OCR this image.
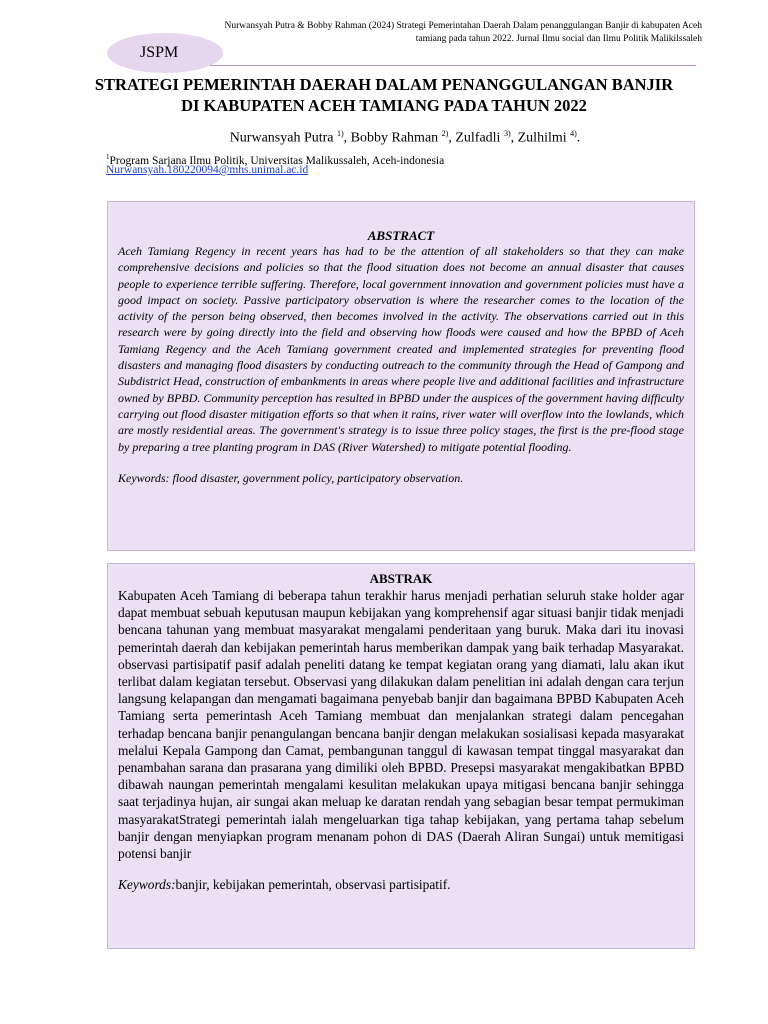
JSPM
Nurwansyah Putra & Bobby Rahman (2024) Strategi Pemerintahan Daerah Dalam penanggulangan Banjir di kabupaten Aceh tamiang pada tahun 2022. Jurnal Ilmu social dan Ilmu Politik Malikilssaleh
STRATEGI PEMERINTAH DAERAH DALAM PENANGGULANGAN BANJIR DI KABUPATEN ACEH TAMIANG PADA TAHUN 2022
Nurwansyah Putra $^{1)}$, Bobby Rahman $^{2)}$, Zulfadli $^{3)}$, Zulhilmi $^{4)}$.
$^1$Program Sarjana Ilmu Politik, Universitas Malikussaleh, Aceh-indonesia
Nurwansyah.180220094@mhs.unimal.ac.id
ABSTRACT
Aceh Tamiang Regency in recent years has had to be the attention of all stakeholders so that they can make comprehensive decisions and policies so that the flood situation does not become an annual disaster that causes people to experience terrible suffering. Therefore, local government innovation and government policies must have a good impact on society. Passive participatory observation is where the researcher comes to the location of the activity of the person being observed, then becomes involved in the activity. The observations carried out in this research were by going directly into the field and observing how floods were caused and how the BPBD of Aceh Tamiang Regency and the Aceh Tamiang government created and implemented strategies for preventing flood disasters and managing flood disasters by conducting outreach to the community through the Head of Gampong and Subdistrict Head, construction of embankments in areas where people live and additional facilities and infrastructure owned by BPBD. Community perception has resulted in BPBD under the auspices of the government having difficulty carrying out flood disaster mitigation efforts so that when it rains, river water will overflow into the lowlands, which are mostly residential areas. The government's strategy is to issue three policy stages, the first is the pre-flood stage by preparing a tree planting program in DAS (River Watershed) to mitigate potential flooding.
Keywords: flood disaster, government policy, participatory observation.
ABSTRAK
Kabupaten Aceh Tamiang di beberapa tahun terakhir harus menjadi perhatian seluruh stake holder agar dapat membuat sebuah keputusan maupun kebijakan yang komprehensif agar situasi banjir tidak menjadi bencana tahunan yang membuat masyarakat mengalami penderitaan yang buruk. Maka dari itu inovasi pemerintah daerah dan kebijakan pemerintah harus memberikan dampak yang baik terhadap Masyarakat. observasi partisipatif pasif adalah peneliti datang ke tempat kegiatan orang yang diamati, lalu akan ikut terlibat dalam kegiatan tersebut. Observasi yang dilakukan dalam penelitian ini adalah dengan cara terjun langsung kelapangan dan mengamati bagaimana penyebab banjir dan bagaimana BPBD Kabupaten Aceh Tamiang serta pemerintash Aceh Tamiang membuat dan menjalankan strategi dalam pencegahan terhadap bencana banjir penangulangan bencana banjir dengan melakukan sosialisasi kepada masyarakat melalui Kepala Gampong dan Camat, pembangunan tanggul di kawasan tempat tinggal masyarakat dan penambahan sarana dan prasarana yang dimiliki oleh BPBD. Presepsi masyarakat mengakibatkan BPBD dibawah naungan pemerintah mengalami kesulitan melakukan upaya mitigasi bencana banjir sehingga saat terjadinya hujan, air sungai akan meluap ke daratan rendah yang sebagian besar tempat permukiman masyarakatStrategi pemerintah ialah mengeluarkan tiga tahap kebijakan, yang pertama tahap sebelum banjir dengan menyiapkan program menanam pohon di DAS (Daerah Aliran Sungai) untuk memitigasi potensi banjir
Keywords:banjir, kebijakan pemerintah, observasi partisipatif.
